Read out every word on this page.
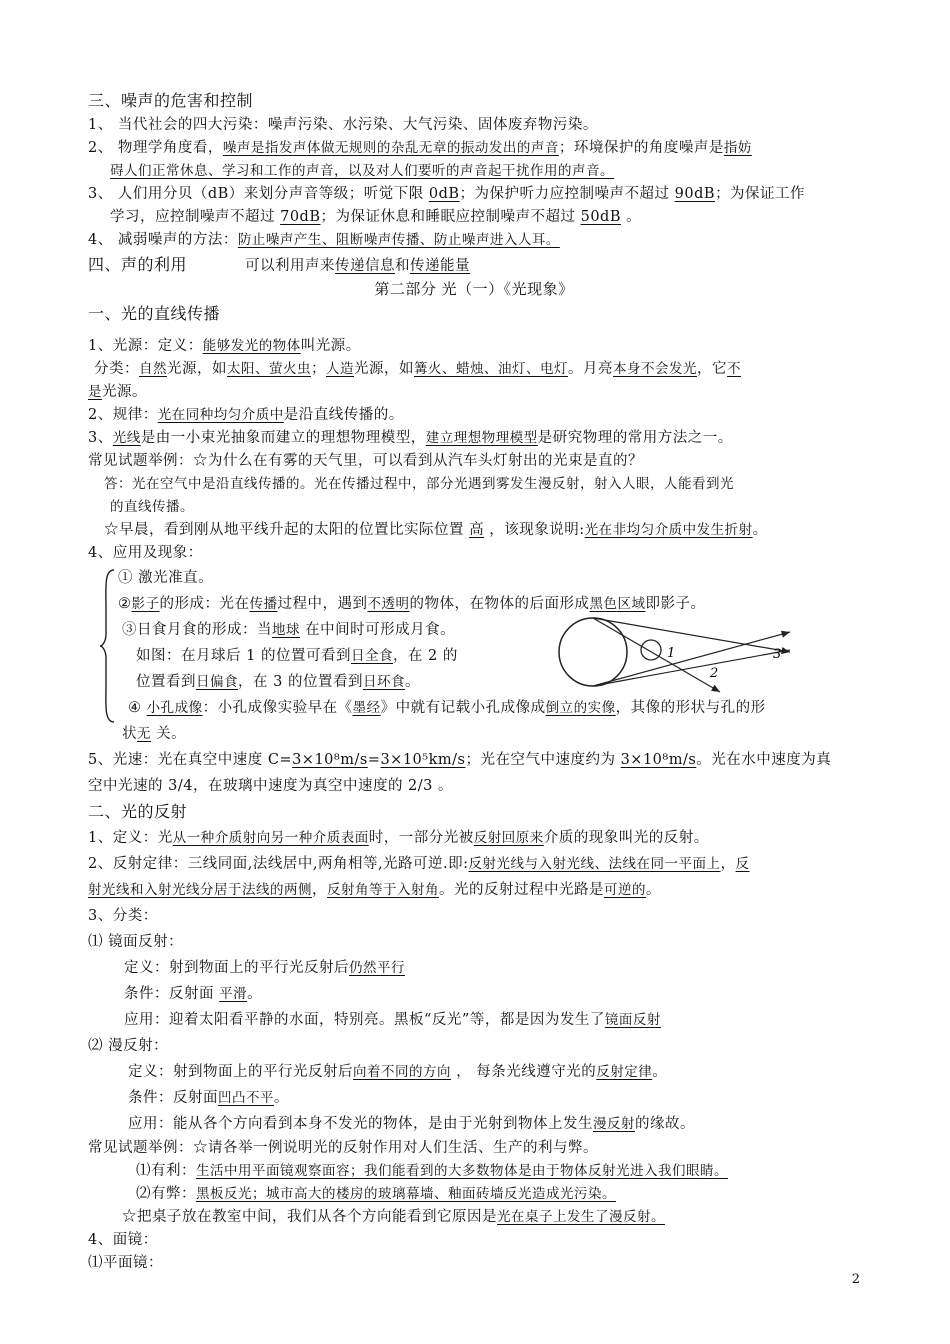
三、噪声的危害和控制
1、 当代社会的四大污染：噪声污染、水污染、大气污染、固体废弃物污染。
2、 物理学角度看，噪声是指发声体做无规则的杂乱无章的振动发出的声音；环境保护的角度噪声是指妨
碍人们正常休息、学习和工作的声音，以及对人们要听的声音起干扰作用的声音。
3、 人们用分贝（dB）来划分声音等级；听觉下限 0dB；为保护听力应控制噪声不超过 90dB；为保证工作
学习，应控制噪声不超过 70dB；为保证休息和睡眠应控制噪声不超过 50dB 。
4、 减弱噪声的方法：防止噪声产生、阻断噪声传播、防止噪声进入人耳。
四、声的利用	可以利用声来传递信息和传递能量
第二部分 光（一）《光现象》
一、光的直线传播
1、光源：定义：能够发光的物体叫光源。
分类：自然光源，如太阳、萤火虫；人造光源，如篝火、蜡烛、油灯、电灯。月亮本身不会发光，它不
是光源。
2、规律：光在同种均匀介质中是沿直线传播的。
3、光线是由一小束光抽象而建立的理想物理模型，建立理想物理模型是研究物理的常用方法之一。
常见试题举例：☆为什么在有雾的天气里，可以看到从汽车头灯射出的光束是直的？
答：光在空气中是沿直线传播的。光在传播过程中，部分光遇到雾发生漫反射，射入人眼，人能看到光
的直线传播。
☆早晨，看到刚从地平线升起的太阳的位置比实际位置 高 ，该现象说明:光在非均匀介质中发生折射。
4、应用及现象：
① 激光准直。
②影子的形成：光在传播过程中，遇到不透明的物体，在物体的后面形成黑色区域即影子。
③日食月食的形成：当地球 在中间时可形成月食。
如图：在月球后 1 的位置可看到日全食，在 2 的
位置看到日偏食，在 3 的位置看到日环食。
④ 小孔成像：小孔成像实验早在《墨经》中就有记载小孔成像成倒立的实像，其像的形状与孔的形
状无 关。
5、光速：光在真空中速度 C=3×10⁸m/s=3×10⁵km/s；光在空气中速度约为 3×10⁸m/s。光在水中速度为真
空中光速的 3/4，在玻璃中速度为真空中速度的 2/3 。
二、光的反射
1、定义：光从一种介质射向另一种介质表面时，一部分光被反射回原来介质的现象叫光的反射。
2、反射定律：三线同面,法线居中,两角相等,光路可逆.即:反射光线与入射光线、法线在同一平面上，反
射光线和入射光线分居于法线的两侧，反射角等于入射角。光的反射过程中光路是可逆的。
3、分类：
⑴ 镜面反射：
定义：射到物面上的平行光反射后仍然平行
条件：反射面 平滑。
应用：迎着太阳看平静的水面，特别亮。黑板“反光”等，都是因为发生了镜面反射
⑵ 漫反射：
定义：射到物面上的平行光反射后向着不同的方向 ， 每条光线遵守光的反射定律。
条件：反射面凹凸不平。
应用：能从各个方向看到本身不发光的物体，是由于光射到物体上发生漫反射的缘故。
常见试题举例：☆请各举一例说明光的反射作用对人们生活、生产的利与弊。
⑴有利：生活中用平面镜观察面容；我们能看到的大多数物体是由于物体反射光进入我们眼睛。
⑵有弊：黑板反光；城市高大的楼房的玻璃幕墙、釉面砖墙反光造成光污染。
☆把桌子放在教室中间，我们从各个方向能看到它原因是光在桌子上发生了漫反射。
4、面镜：
⑴平面镜：
1
2
3
2
